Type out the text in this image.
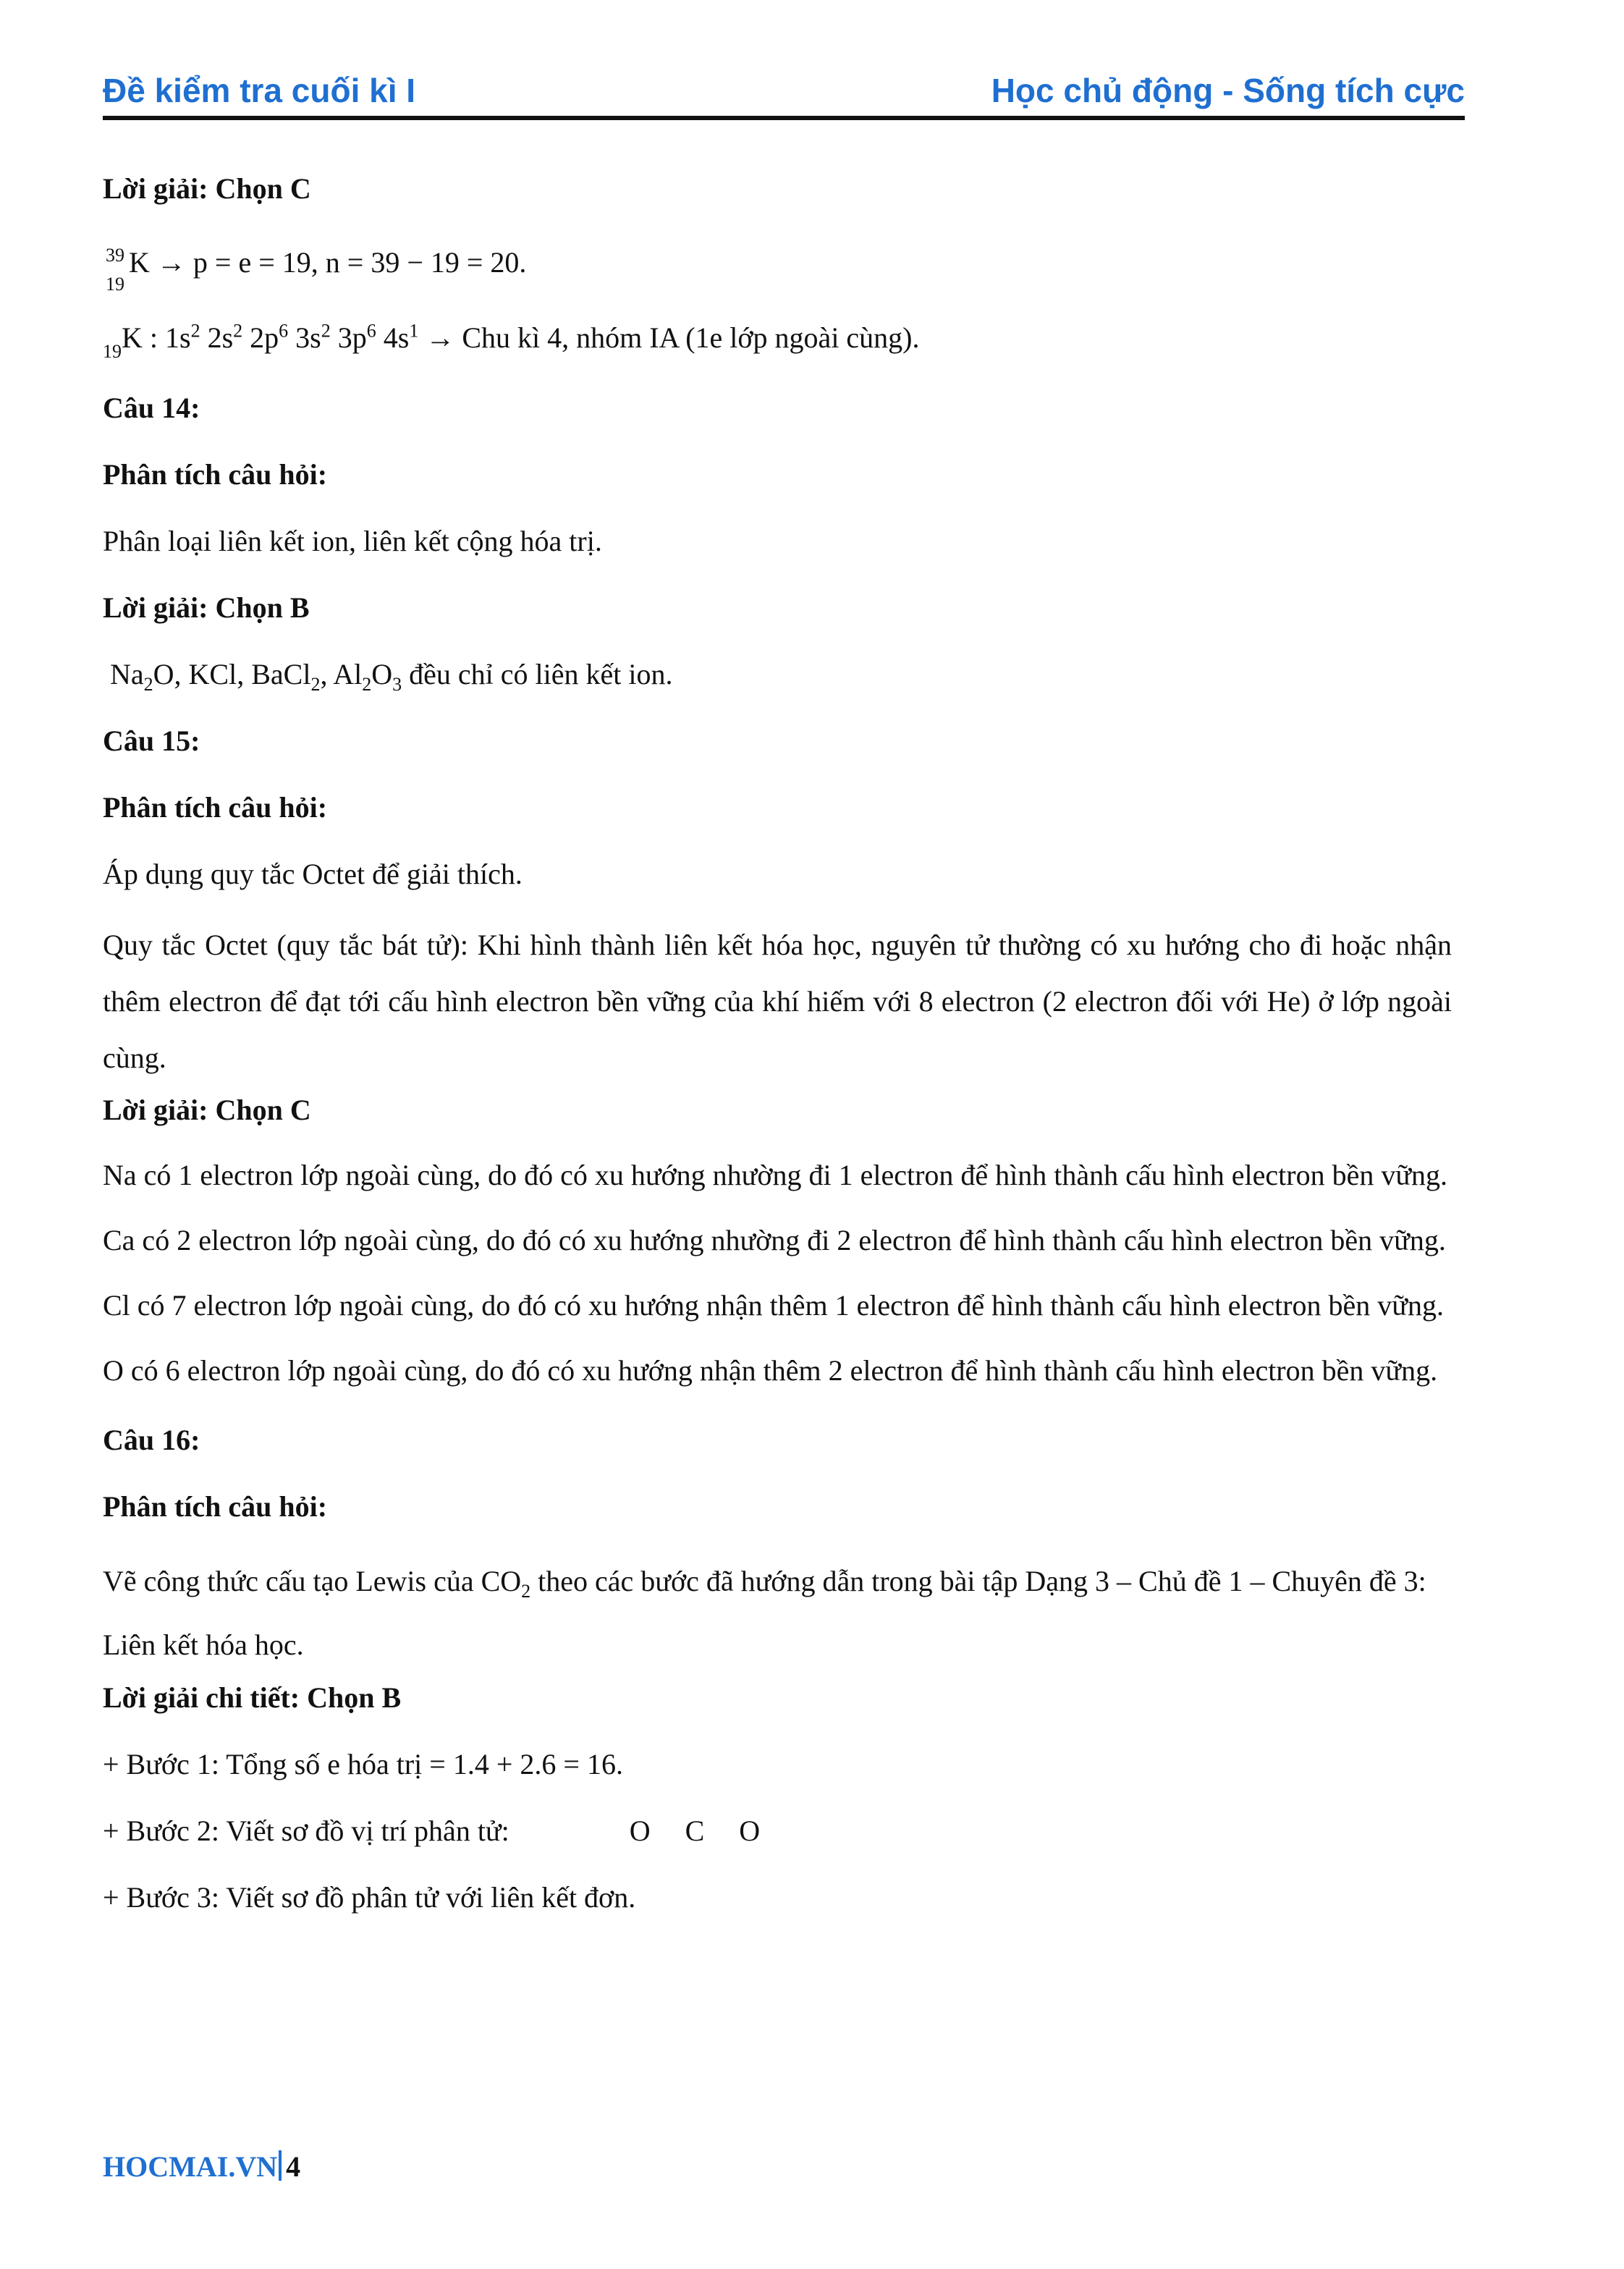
Đề kiểm tra cuối kì I	Học chủ động - Sống tích cực

Lời giải: Chọn C

39
19
K → p = e = 19, n = 39 − 19 = 20.

$_{19}$K : $1s^2$ $2s^2$ $2p^6$ $3s^2$ $3p^6$ $4s^1$ → Chu kì 4, nhóm IA (1e lớp ngoài cùng).

Câu 14:

Phân tích câu hỏi:

Phân loại liên kết ion, liên kết cộng hóa trị.

Lời giải: Chọn B

$Na_2O$, KCl, BaCl$_2$, $Al_2O_3$ đều chỉ có liên kết ion.

Câu 15:

Phân tích câu hỏi:

Áp dụng quy tắc Octet để giải thích.

Quy tắc Octet (quy tắc bát tử): Khi hình thành liên kết hóa học, nguyên tử thường có xu hướng cho đi hoặc nhận thêm electron để đạt tới cấu hình electron bền vững của khí hiếm với 8 electron (2 electron đối với He) ở lớp ngoài cùng.

Lời giải: Chọn C

Na có 1 electron lớp ngoài cùng, do đó có xu hướng nhường đi 1 electron để hình thành cấu hình electron bền vững.

Ca có 2 electron lớp ngoài cùng, do đó có xu hướng nhường đi 2 electron để hình thành cấu hình electron bền vững.

Cl có 7 electron lớp ngoài cùng, do đó có xu hướng nhận thêm 1 electron để hình thành cấu hình electron bền vững.

O có 6 electron lớp ngoài cùng, do đó có xu hướng nhận thêm 2 electron để hình thành cấu hình electron bền vững.

Câu 16:

Phân tích câu hỏi:

Vẽ công thức cấu tạo Lewis của $CO_2$ theo các bước đã hướng dẫn trong bài tập Dạng 3 – Chủ đề 1 – Chuyên đề 3: Liên kết hóa học.

Lời giải chi tiết: Chọn B

+ Bước 1: Tổng số e hóa trị = 1.4 + 2.6 = 16.

+ Bước 2: Viết sơ đồ vị trí phân tử:	O C O

+ Bước 3: Viết sơ đồ phân tử với liên kết đơn.

HOCMAI.VN 4
